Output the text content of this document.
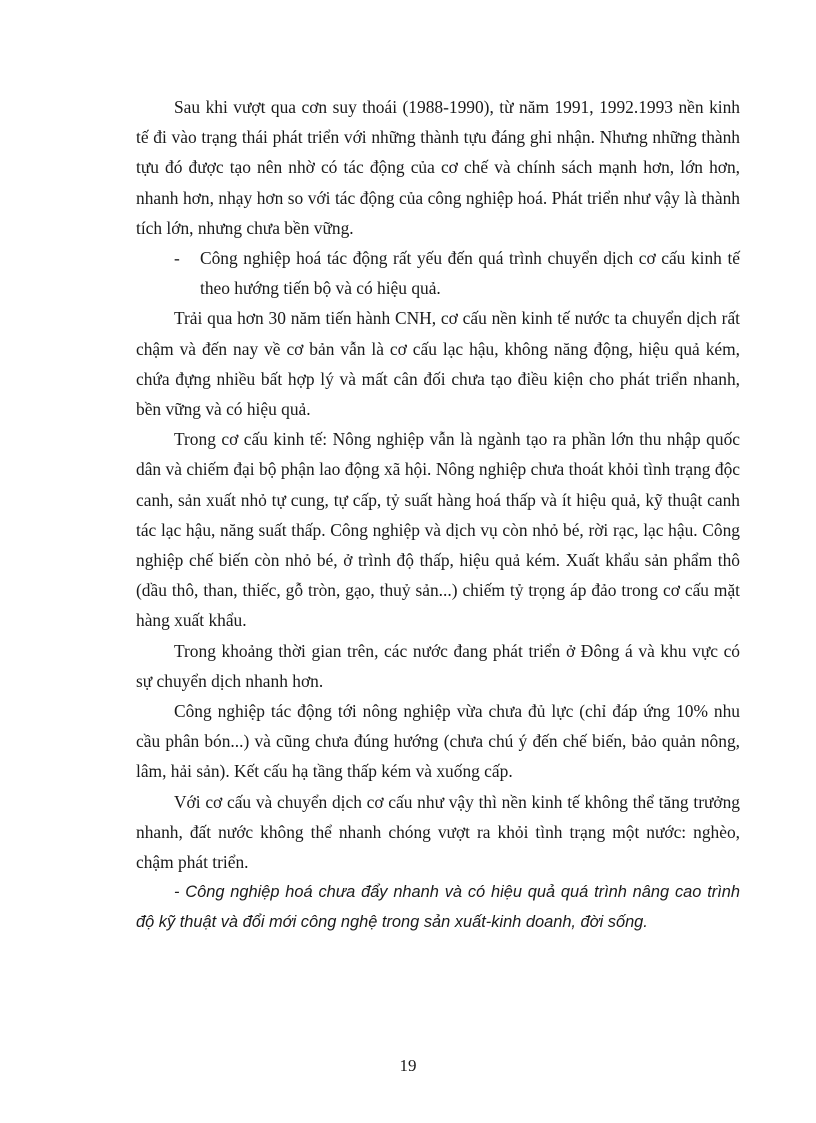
Sau khi vượt qua cơn suy thoái (1988-1990), từ năm 1991, 1992.1993 nền kinh tế đi vào trạng thái phát triển với những thành tựu đáng ghi nhận. Nhưng những thành tựu đó được tạo nên nhờ có tác động của cơ chế và chính sách mạnh hơn, lớn hơn, nhanh hơn, nhạy hơn so với tác động của công nghiệp hoá. Phát triển như vậy là thành tích lớn, nhưng chưa bền vững.

-	Công nghiệp hoá tác động rất yếu đến quá trình chuyển dịch cơ cấu kinh tế theo hướng tiến bộ và có hiệu quả.

Trải qua hơn 30 năm tiến hành CNH, cơ cấu nền kinh tế nước ta chuyển dịch rất chậm và đến nay về cơ bản vẫn là cơ cấu lạc hậu, không năng động, hiệu quả kém, chứa đựng nhiều bất hợp lý và mất cân đối chưa tạo điều kiện cho phát triển nhanh, bền vững và có hiệu quả.

Trong cơ cấu kinh tế: Nông nghiệp vẫn là ngành tạo ra phần lớn thu nhập quốc dân và chiếm đại bộ phận lao động xã hội. Nông nghiệp chưa thoát khỏi tình trạng độc canh, sản xuất nhỏ tự cung, tự cấp, tỷ suất hàng hoá thấp và ít hiệu quả, kỹ thuật canh tác lạc hậu, năng suất thấp. Công nghiệp và dịch vụ còn nhỏ bé, rời rạc, lạc hậu. Công nghiệp chế biến còn nhỏ bé, ở trình độ thấp, hiệu quả kém. Xuất khẩu sản phẩm thô (dầu thô, than, thiếc, gỗ tròn, gạo, thuỷ sản...) chiếm tỷ trọng áp đảo trong cơ cấu mặt hàng xuất khẩu.

Trong khoảng thời gian trên, các nước đang phát triển ở Đông á và khu vực có sự chuyển dịch nhanh hơn.

Công nghiệp tác động tới nông nghiệp vừa chưa đủ lực (chỉ đáp ứng 10% nhu cầu phân bón...) và cũng chưa đúng hướng (chưa chú ý đến chế biến, bảo quản nông, lâm, hải sản). Kết cấu hạ tầng thấp kém và xuống cấp.

Với cơ cấu và chuyển dịch cơ cấu như vậy thì nền kinh tế không thể tăng trưởng nhanh, đất nước không thể nhanh chóng vượt ra khỏi tình trạng một nước: nghèo, chậm phát triển.

- Công nghiệp hoá chưa đẩy nhanh và có hiệu quả quá trình nâng cao trình độ kỹ thuật và đổi mới công nghệ trong sản xuất-kinh doanh, đời sống.

19
